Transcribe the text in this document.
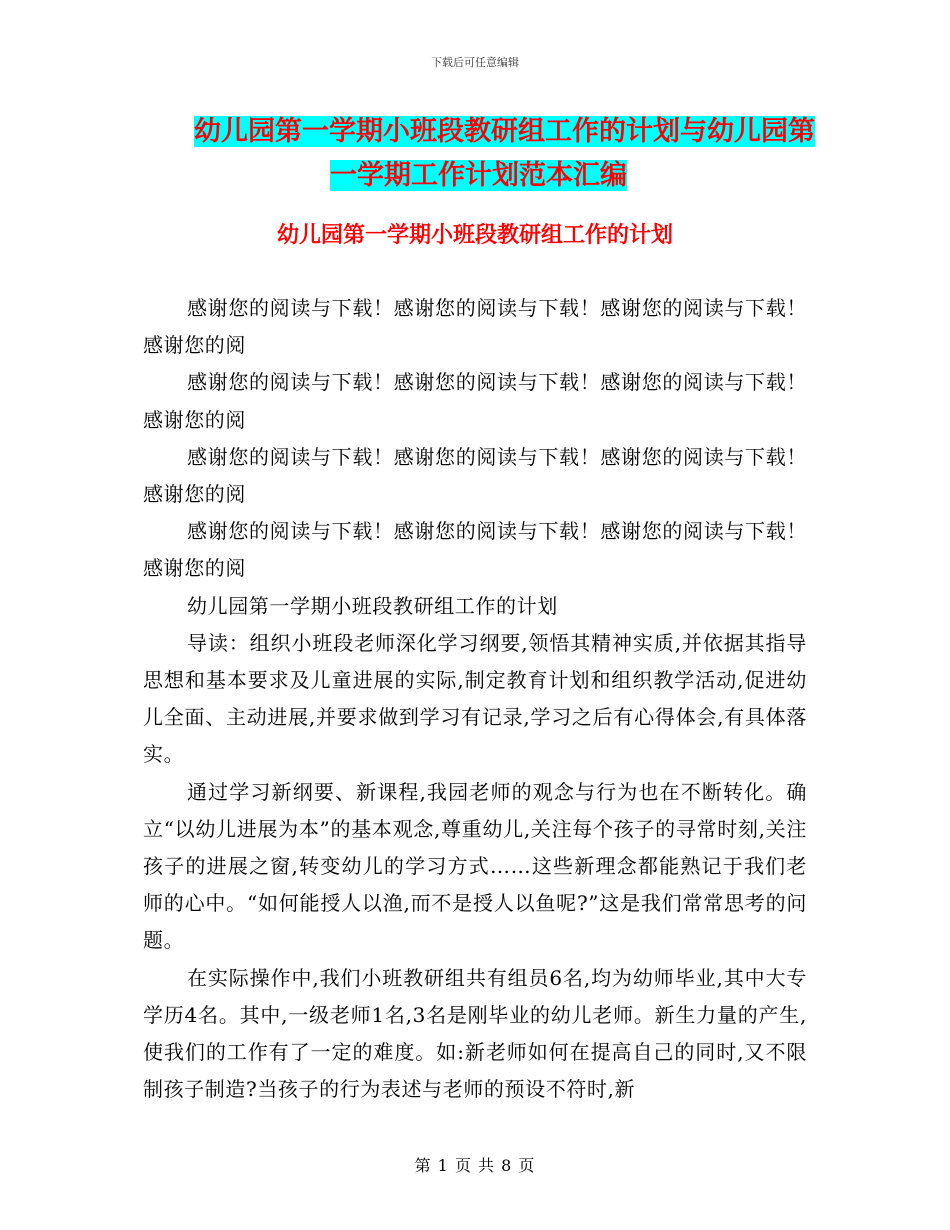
下载后可任意编辑
幼儿园第一学期小班段教研组工作的计划与幼儿园第
一学期工作计划范本汇编
幼儿园第一学期小班段教研组工作的计划

感谢您的阅读与下载！感谢您的阅读与下载！感谢您的阅读与下载！感谢您的阅

感谢您的阅读与下载！感谢您的阅读与下载！感谢您的阅读与下载！感谢您的阅

感谢您的阅读与下载！感谢您的阅读与下载！感谢您的阅读与下载！感谢您的阅

感谢您的阅读与下载！感谢您的阅读与下载！感谢您的阅读与下载！感谢您的阅

幼儿园第一学期小班段教研组工作的计划

导读：组织小班段老师深化学习纲要,领悟其精神实质,并依据其指导思想和基本要求及儿童进展的实际,制定教育计划和组织教学活动,促进幼儿全面、主动进展,并要求做到学习有记录,学习之后有心得体会,有具体落实。

通过学习新纲要、新课程,我园老师的观念与行为也在不断转化。确立“以幼儿进展为本”的基本观念,尊重幼儿,关注每个孩子的寻常时刻,关注孩子的进展之窗,转变幼儿的学习方式……这些新理念都能熟记于我们老师的心中。“如何能授人以渔,而不是授人以鱼呢?”这是我们常常思考的问题。

在实际操作中,我们小班教研组共有组员6名,均为幼师毕业,其中大专学历4名。其中,一级老师1名,3名是刚毕业的幼儿老师。新生力量的产生,使我们的工作有了一定的难度。如:新老师如何在提高自己的同时,又不限制孩子制造?当孩子的行为表述与老师的预设不符时,新

第 1 页 共 8 页
